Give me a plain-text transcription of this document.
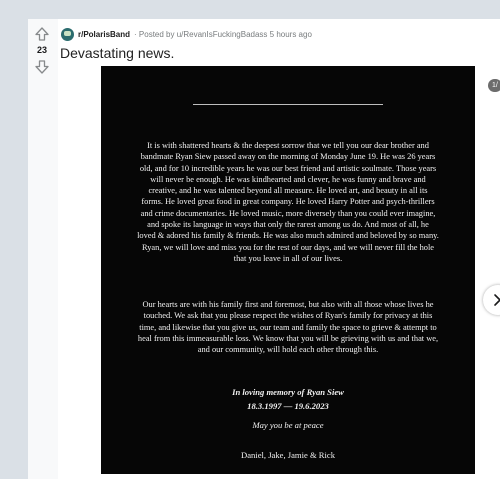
23
r/PolarisBand · Posted by u/RevanIsFuckingBadass 5 hours ago
Devastating news.
It is with shattered hearts & the deepest sorrow that we tell you our dear brother and bandmate Ryan Siew passed away on the morning of Monday June 19. He was 26 years old, and for 10 incredible years he was our best friend and artistic soulmate. Those years will never be enough. He was kindhearted and clever, he was funny and brave and creative, and he was talented beyond all measure. He loved art, and beauty in all its forms. He loved great food in great company. He loved Harry Potter and psych-thrillers and crime documentaries. He loved music, more diversely than you could ever imagine, and spoke its language in ways that only the rarest among us do. And most of all, he loved & adored his family & friends. He was also much admired and beloved by so many. Ryan, we will love and miss you for the rest of our days, and we will never fill the hole that you leave in all of our lives.
Our hearts are with his family first and foremost, but also with all those whose lives he touched. We ask that you please respect the wishes of Ryan's family for privacy at this time, and likewise that you give us, our team and family the space to grieve & attempt to heal from this immeasurable loss. We know that you will be grieving with us and that we, and our community, will hold each other through this.
In loving memory of Ryan Siew
18.3.1997 — 19.6.2023
May you be at peace
Daniel, Jake, Jamie & Rick
1/
